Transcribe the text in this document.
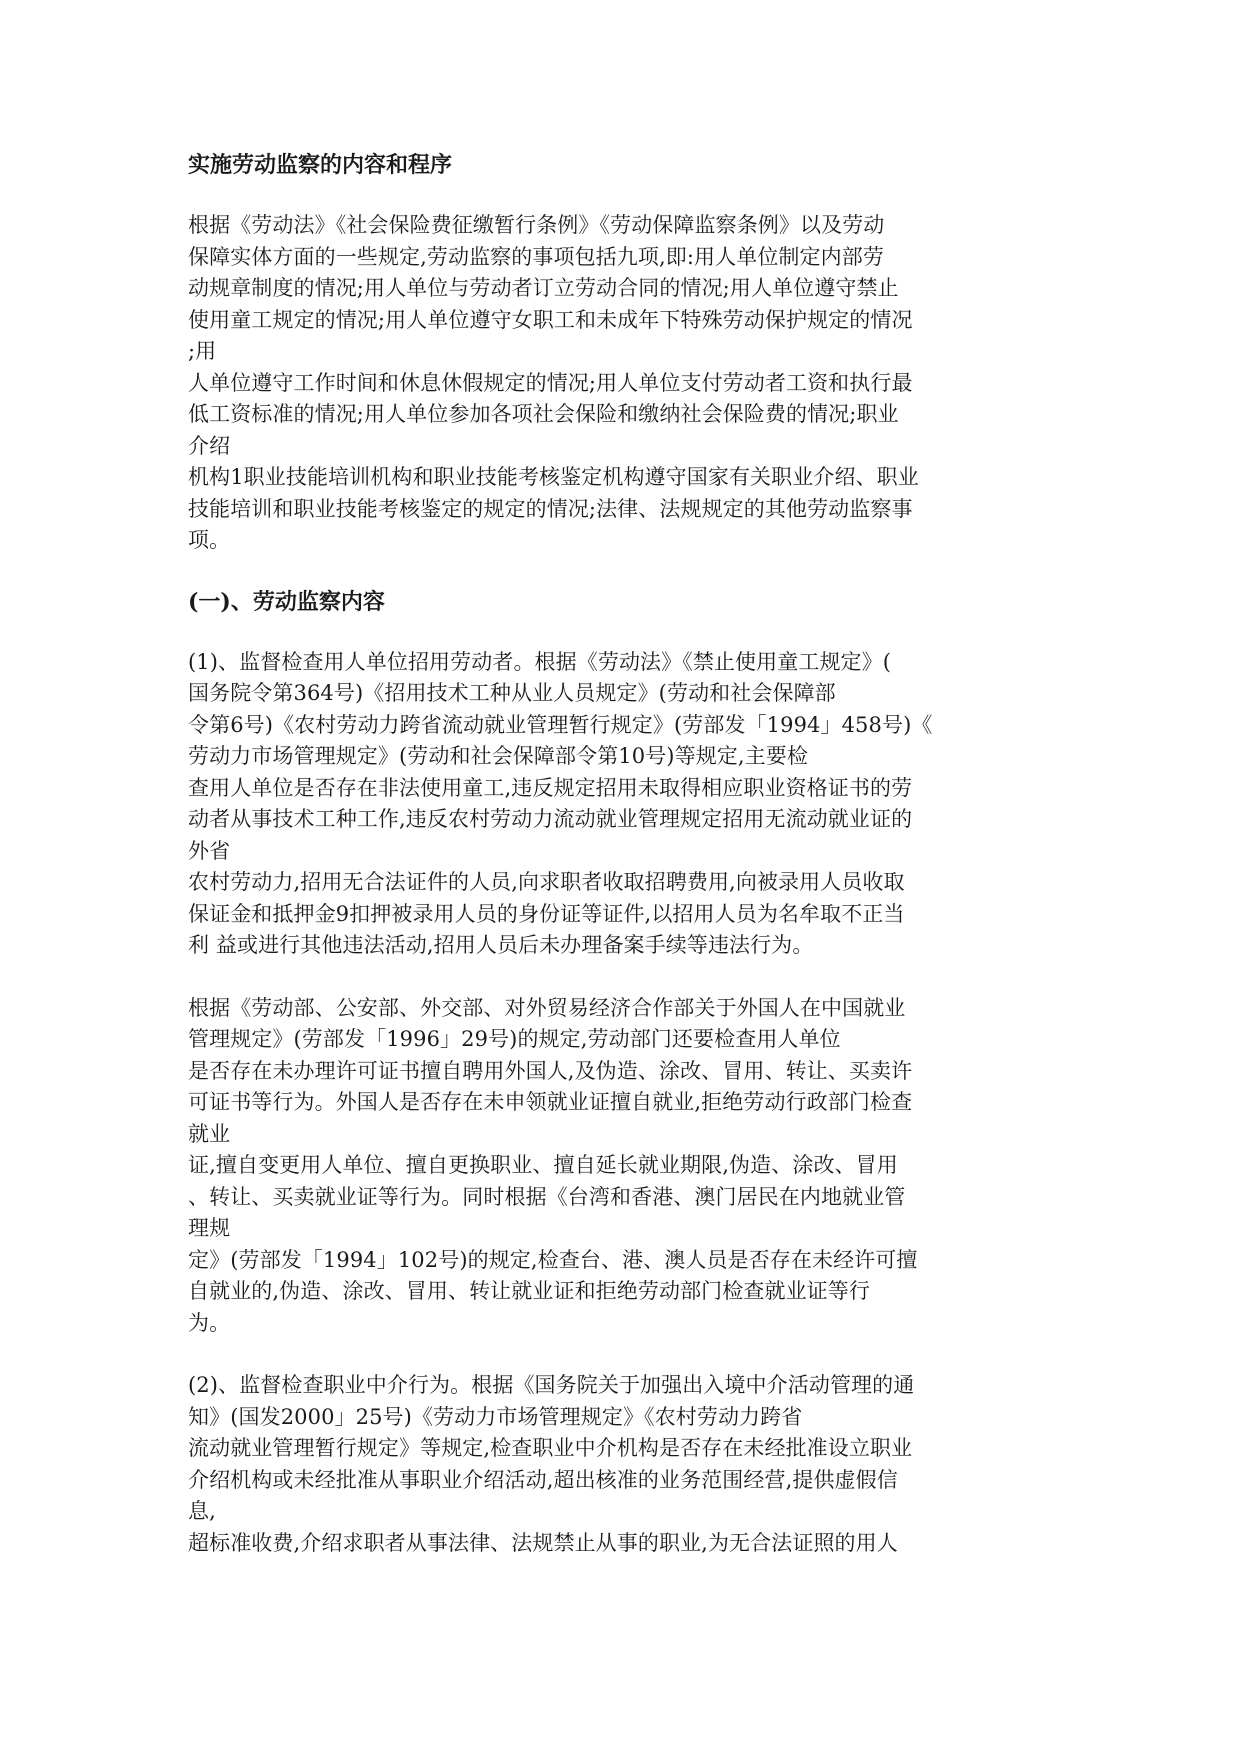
实施劳动监察的内容和程序

根据《劳动法》《社会保险费征缴暂行条例》《劳动保障监察条例》以及劳动
保障实体方面的一些规定,劳动监察的事项包括九项,即:用人单位制定内部劳
动规章制度的情况;用人单位与劳动者订立劳动合同的情况;用人单位遵守禁止
使用童工规定的情况;用人单位遵守女职工和未成年下特殊劳动保护规定的情况
;用
人单位遵守工作时间和休息休假规定的情况;用人单位支付劳动者工资和执行最
低工资标准的情况;用人单位参加各项社会保险和缴纳社会保险费的情况;职业
介绍
机构1职业技能培训机构和职业技能考核鉴定机构遵守国家有关职业介绍、职业
技能培训和职业技能考核鉴定的规定的情况;法律、法规规定的其他劳动监察事
项。

(一)、劳动监察内容

(1)、监督检查用人单位招用劳动者。根据《劳动法》《禁止使用童工规定》(
国务院令第364号)《招用技术工种从业人员规定》(劳动和社会保障部
令第6号)《农村劳动力跨省流动就业管理暂行规定》(劳部发「1994」458号)《
劳动力市场管理规定》(劳动和社会保障部令第10号)等规定,主要检
查用人单位是否存在非法使用童工,违反规定招用未取得相应职业资格证书的劳
动者从事技术工种工作,违反农村劳动力流动就业管理规定招用无流动就业证的
外省
农村劳动力,招用无合法证件的人员,向求职者收取招聘费用,向被录用人员收取
保证金和抵押金9扣押被录用人员的身份证等证件,以招用人员为名牟取不正当
利 益或进行其他违法活动,招用人员后未办理备案手续等违法行为。

根据《劳动部、公安部、外交部、对外贸易经济合作部关于外国人在中国就业
管理规定》(劳部发「1996」29号)的规定,劳动部门还要检查用人单位
是否存在未办理许可证书擅自聘用外国人,及伪造、涂改、冒用、转让、买卖许
可证书等行为。外国人是否存在未申领就业证擅自就业,拒绝劳动行政部门检查
就业
证,擅自变更用人单位、擅自更换职业、擅自延长就业期限,伪造、涂改、冒用
、转让、买卖就业证等行为。同时根据《台湾和香港、澳门居民在内地就业管
理规
定》(劳部发「1994」102号)的规定,检查台、港、澳人员是否存在未经许可擅
自就业的,伪造、涂改、冒用、转让就业证和拒绝劳动部门检查就业证等行
为。

(2)、监督检查职业中介行为。根据《国务院关于加强出入境中介活动管理的通
知》(国发2000」25号)《劳动力市场管理规定》《农村劳动力跨省
流动就业管理暂行规定》等规定,检查职业中介机构是否存在未经批准设立职业
介绍机构或未经批准从事职业介绍活动,超出核准的业务范围经营,提供虚假信
息,
超标准收费,介绍求职者从事法律、法规禁止从事的职业,为无合法证照的用人
